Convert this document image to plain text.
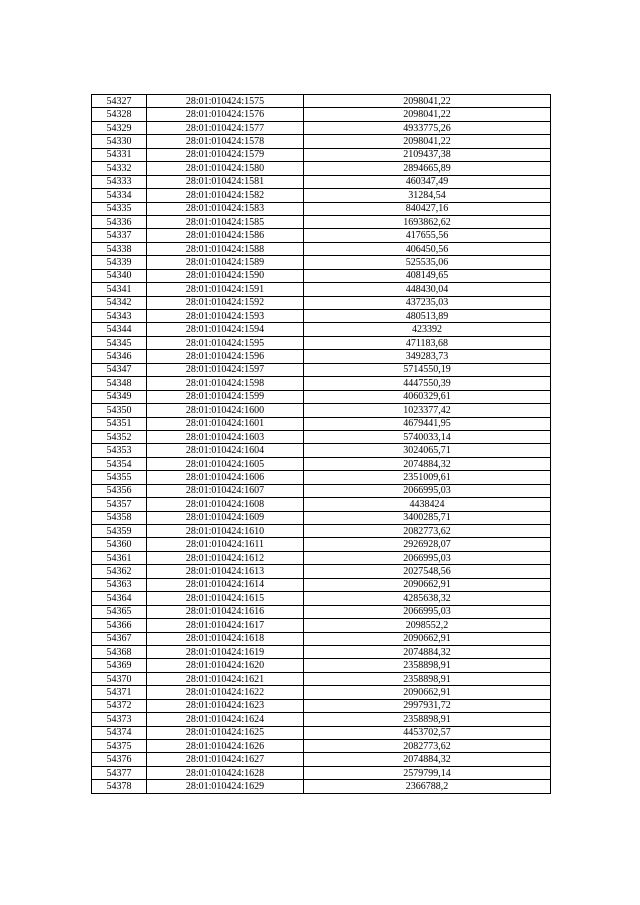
54327	28:01:010424:1575	2098041,22
54328	28:01:010424:1576	2098041,22
54329	28:01:010424:1577	4933775,26
54330	28:01:010424:1578	2098041,22
54331	28:01:010424:1579	2109437,38
54332	28:01:010424:1580	2894665,89
54333	28:01:010424:1581	460347,49
54334	28:01:010424:1582	31284,54
54335	28:01:010424:1583	840427,16
54336	28:01:010424:1585	1693862,62
54337	28:01:010424:1586	417655,56
54338	28:01:010424:1588	406450,56
54339	28:01:010424:1589	525535,06
54340	28:01:010424:1590	408149,65
54341	28:01:010424:1591	448430,04
54342	28:01:010424:1592	437235,03
54343	28:01:010424:1593	480513,89
54344	28:01:010424:1594	423392
54345	28:01:010424:1595	471183,68
54346	28:01:010424:1596	349283,73
54347	28:01:010424:1597	5714550,19
54348	28:01:010424:1598	4447550,39
54349	28:01:010424:1599	4060329,61
54350	28:01:010424:1600	1023377,42
54351	28:01:010424:1601	4679441,95
54352	28:01:010424:1603	5740033,14
54353	28:01:010424:1604	3024065,71
54354	28:01:010424:1605	2074884,32
54355	28:01:010424:1606	2351009,61
54356	28:01:010424:1607	2066995,03
54357	28:01:010424:1608	4438424
54358	28:01:010424:1609	3400285,71
54359	28:01:010424:1610	2082773,62
54360	28:01:010424:1611	2926928,07
54361	28:01:010424:1612	2066995,03
54362	28:01:010424:1613	2027548,56
54363	28:01:010424:1614	2090662,91
54364	28:01:010424:1615	4285638,32
54365	28:01:010424:1616	2066995,03
54366	28:01:010424:1617	2098552,2
54367	28:01:010424:1618	2090662,91
54368	28:01:010424:1619	2074884,32
54369	28:01:010424:1620	2358898,91
54370	28:01:010424:1621	2358898,91
54371	28:01:010424:1622	2090662,91
54372	28:01:010424:1623	2997931,72
54373	28:01:010424:1624	2358898,91
54374	28:01:010424:1625	4453702,57
54375	28:01:010424:1626	2082773,62
54376	28:01:010424:1627	2074884,32
54377	28:01:010424:1628	2579799,14
54378	28:01:010424:1629	2366788,2
